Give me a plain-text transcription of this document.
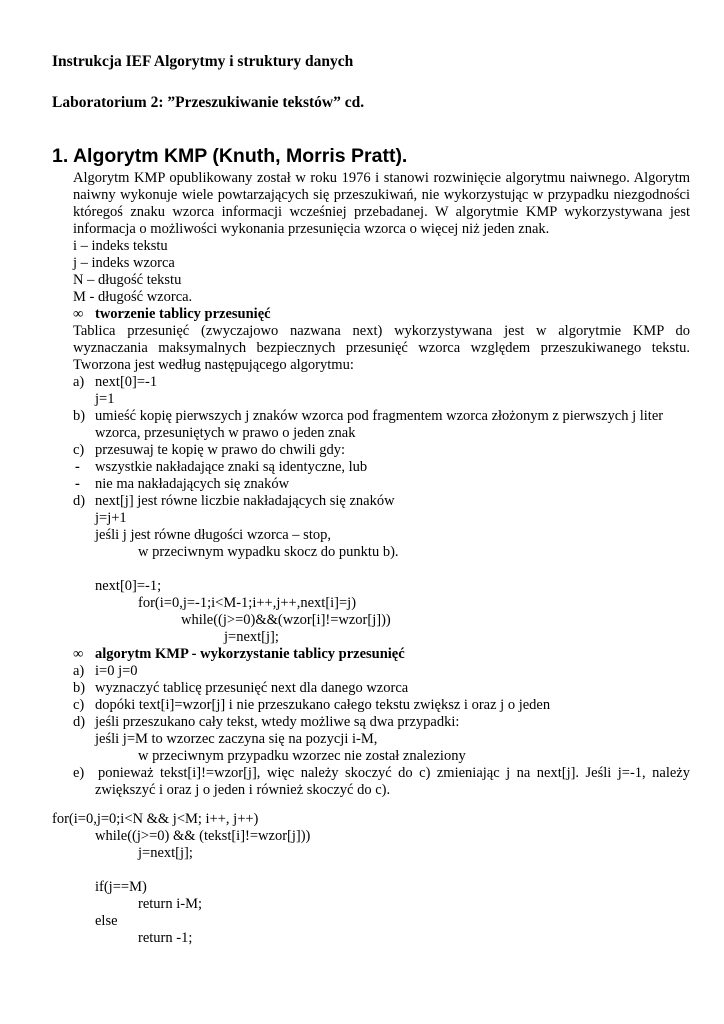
Instrukcja IEF Algorytmy i struktury danych
Laboratorium 2: ”Przeszukiwanie tekstów” cd.
1. Algorytm KMP (Knuth, Morris Pratt).
Algorytm KMP opublikowany został w roku 1976 i stanowi rozwinięcie algorytmu naiwnego. Algorytm
naiwny wykonuje wiele powtarzających się przeszukiwań, nie wykorzystując w przypadku niezgodności
któregoś znaku wzorca informacji wcześniej przebadanej. W algorytmie KMP wykorzystywana jest
informacja o możliwości wykonania przesunięcia wzorca o więcej niż jeden znak.
i – indeks tekstu
j – indeks wzorca
N – długość tekstu
M - długość wzorca.
∞ tworzenie tablicy przesunięć
Tablica przesunięć (zwyczajowo nazwana next) wykorzystywana jest w algorytmie KMP do
wyznaczania maksymalnych bezpiecznych przesunięć wzorca względem przeszukiwanego tekstu.
Tworzona jest według następującego algorytmu:
a) next[0]=-1
j=1
b) umieść kopię pierwszych j znaków wzorca pod fragmentem wzorca złożonym z pierwszych j liter
wzorca, przesuniętych w prawo o jeden znak
c) przesuwaj te kopię w prawo do chwili gdy:
- wszystkie nakładające znaki są identyczne, lub
- nie ma nakładających się znaków
d) next[j] jest równe liczbie nakładających się znaków
j=j+1
jeśli j jest równe długości wzorca – stop,
w przeciwnym wypadku skocz do punktu b).
next[0]=-1;
for(i=0,j=-1;i<M-1;i++,j++,next[i]=j)
while((j>=0)&&(wzor[i]!=wzor[j]))
j=next[j];
∞ algorytm KMP - wykorzystanie tablicy przesunięć
a) i=0 j=0
b) wyznaczyć tablicę przesunięć next dla danego wzorca
c) dopóki text[i]=wzor[j] i nie przeszukano całego tekstu zwiększ i oraz j o jeden
d) jeśli przeszukano cały tekst, wtedy możliwe są dwa przypadki:
jeśli j=M to wzorzec zaczyna się na pozycji i-M,
w przeciwnym przypadku wzorzec nie został znaleziony
e) ponieważ tekst[i]!=wzor[j], więc należy skoczyć do c) zmieniając j na next[j]. Jeśli j=-1, należy
zwiększyć i oraz j o jeden i również skoczyć do c).
for(i=0,j=0;i<N && j<M; i++, j++)
while((j>=0) && (tekst[i]!=wzor[j]))
j=next[j];
if(j==M)
return i-M;
else
return -1;
